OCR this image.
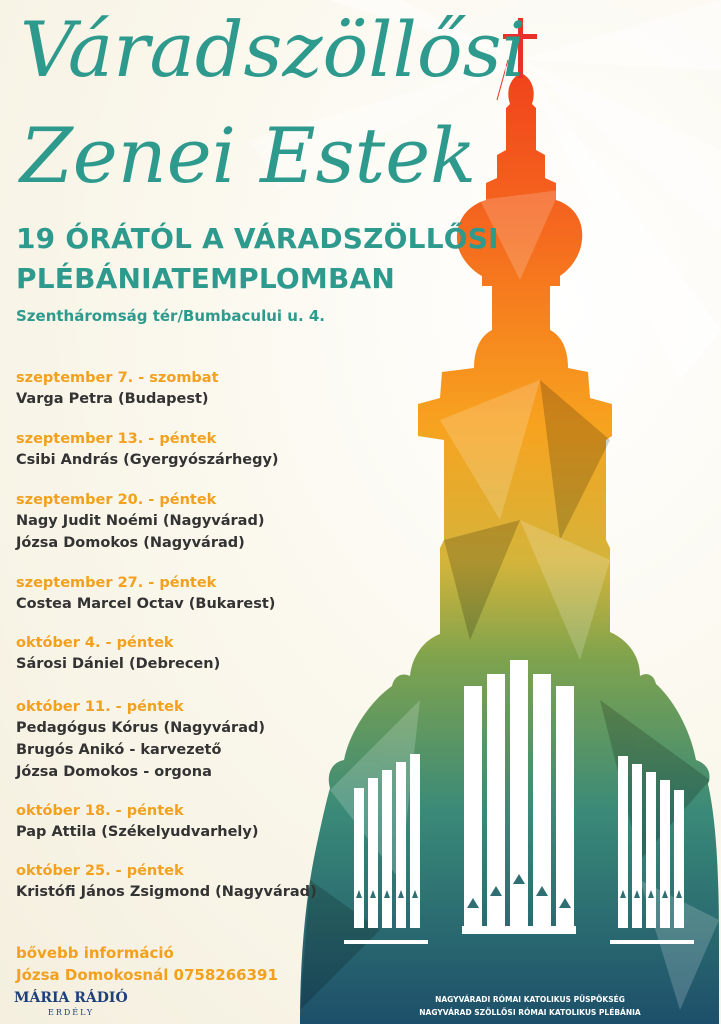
Váradszöllősi
Zenei Estek
19 ÓRÁTÓL A VÁRADSZÖLLŐSI
PLÉBÁNIATEMPLOMBAN
Szentháromság tér/Bumbacului u. 4.
szeptember 7. - szombat
Varga Petra (Budapest)
szeptember 13. - péntek
Csibi András (Gyergyószárhegy)
szeptember 20. - péntek
Nagy Judit Noémi (Nagyvárad)
Józsa Domokos (Nagyvárad)
szeptember 27. - péntek
Costea Marcel Octav (Bukarest)
október 4. - péntek
Sárosi Dániel (Debrecen)
október 11. - péntek
Pedagógus Kórus (Nagyvárad)
Brugós Anikó - karvezető
Józsa Domokos - orgona
október 18. - péntek
Pap Attila (Székelyudvarhely)
október 25. - péntek
Kristófi János Zsigmond (Nagyvárad)
bővebb információ
Józsa Domokosnál 0758266391
MÁRIA RÁDIÓ
ERDÉLY
NAGYVÁRADI RÓMAI KATOLIKUS PÜSPÖKSÉG
NAGYVÁRAD SZÖLLŐSI RÓMAI KATOLIKUS PLÉBÁNIA
